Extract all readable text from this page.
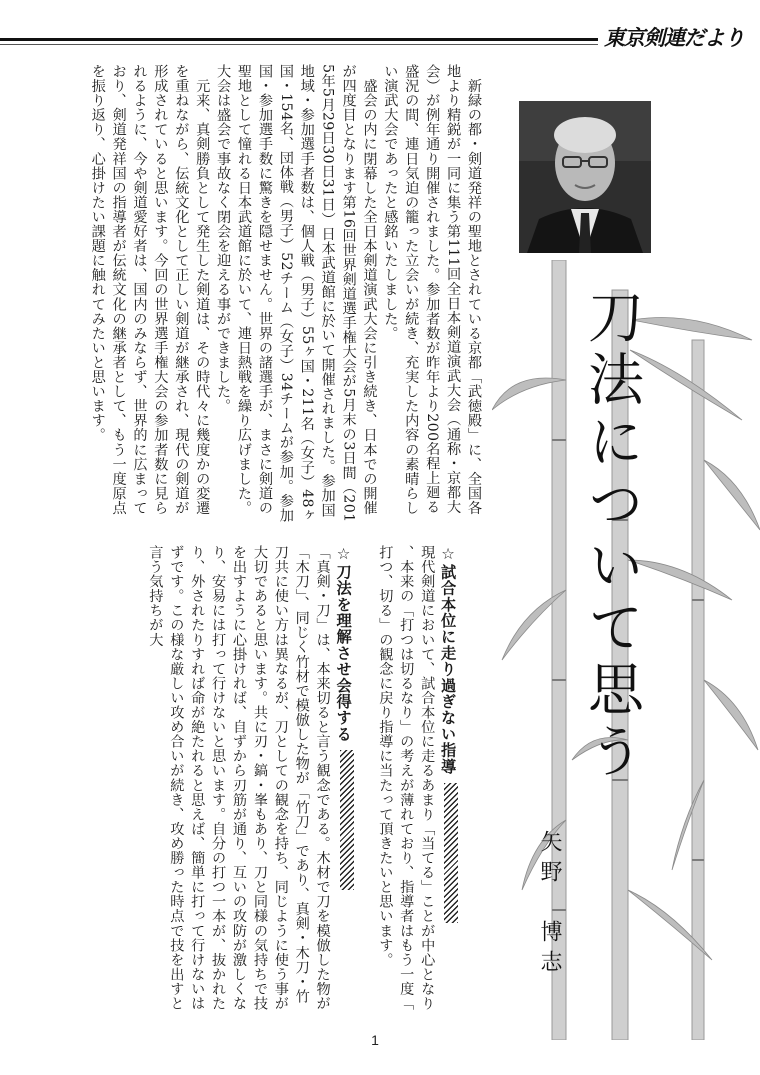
東京剣連だより

　新緑の都・剣道発祥の聖地とされている京都「武徳殿」に、全国各地より精鋭が一同に集う第111回全日本剣道演武大会（通称・京都大会）が例年通り開催されました。参加者数が昨年より200名程上廻る盛況の間、連日気迫の籠った立会いが続き、充実した内容の素晴らしい演武大会であったと感銘いたしました。

　盛会の内に閉幕した全日本剣道演武大会に引き続き、日本での開催が四度目となります第16回世界剣道選手権大会が5月末の3日間（2015年5月29日30日31日）日本武道館に於いて開催されました。参加国地域・参加選手者数は、個人戦（男子）55ヶ国・211名（女子）48ヶ国・154名、団体戦（男子）52チーム（女子）34チームが参加。参加国・参加選手数に驚きを隠せません。世界の諸選手が、まさに剣道の聖地として憧れる日本武道館に於いて、連日熱戦を繰り広げました。大会は盛会で事故なく閉会を迎える事ができました。

　元来、真剣勝負として発生した剣道は、その時代々に幾度かの変遷を重ねながら、伝統文化として正しい剣道が継承され、現代の剣道が形成されていると思います。今回の世界選手権大会の参加者数に見られるように、今や剣道愛好者は、国内のみならず、世界的に広まっており、剣道発祥国の指導者が伝統文化の継承者として、もう一度原点を振り返り、心掛けたい課題に触れてみたいと思います。

☆試合本位に走り過ぎない指導

現代剣道において、試合本位に走るあまり「当てる」ことが中心となり、本来の「打つは切るなり」の考えが薄れており、指導者はもう一度「打つ、切る」の観念に戻り指導に当たって頂きたいと思います。

☆刀法を理解させ会得する

「真剣・刀」は、本来切ると言う観念である。木材で刀を模倣した物が「木刀」、同じく竹材で模倣した物が「竹刀」であり、真剣・木刀・竹刀共に使い方は異なるが、刀としての観念を持ち、同じように使う事が大切であると思います。共に刃・鎬・峯もあり、刀と同様の気持ちで技を出すように心掛ければ、自ずから刃筋が通り、互いの攻防が激しくなり、安易には打って行けないと思います。自分の打つ一本が、抜かれたり、外されたりすれば命が絶たれると思えば、簡単に打って行けないはずです。この様な厳しい攻め合いが続き、攻め勝った時点で技を出すと言う気持ちが大	刀法について思う
矢野　博志
1
